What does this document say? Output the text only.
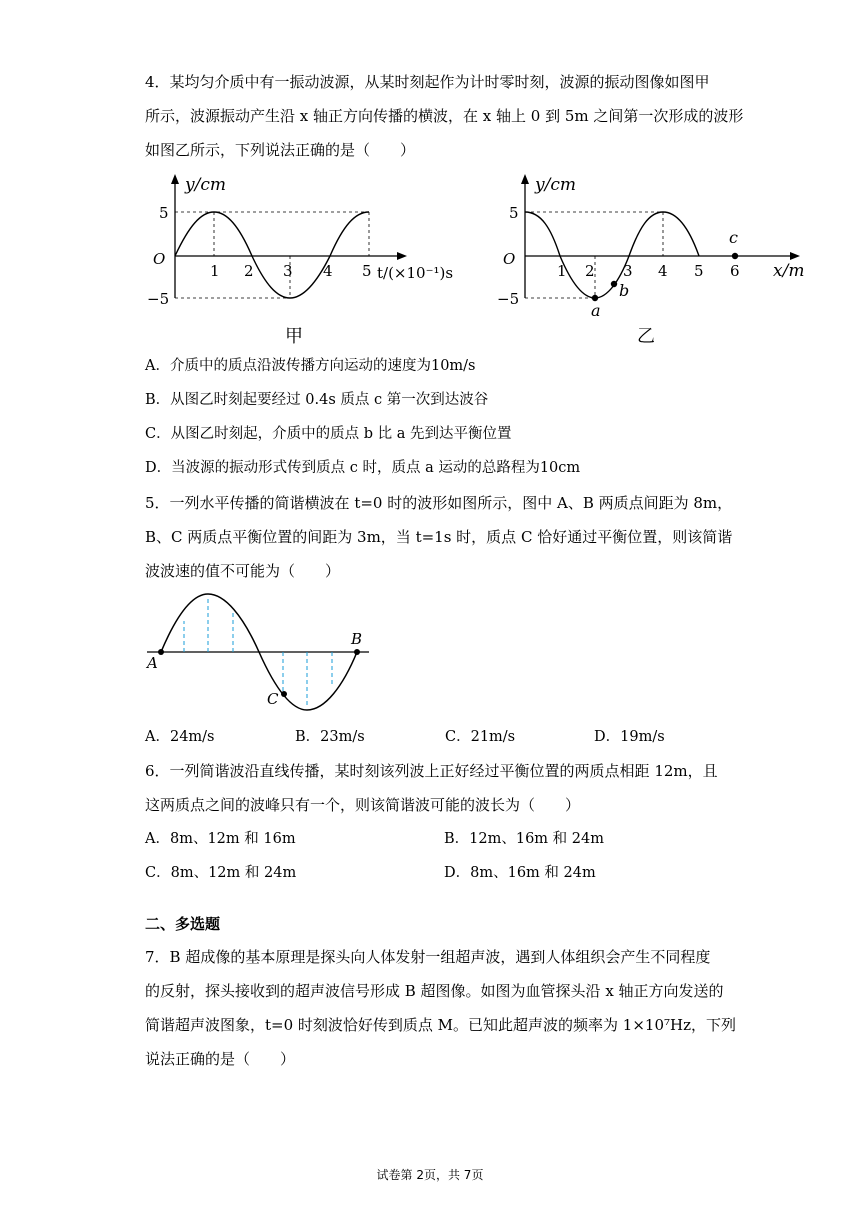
4．某均匀介质中有一振动波源，从某时刻起作为计时零时刻，波源的振动图像如图甲
所示，波源振动产生沿 x 轴正方向传播的横波，在 x 轴上 0 到 5m 之间第一次形成的波形
如图乙所示，下列说法正确的是（　　）
y/cm
O
5
−5
1 2 3 4 5 t/(×10⁻¹)s
甲
y/cm
O
5
−5
1 2 3 4 5 6 x/m
a
b
c
乙
A．介质中的质点沿波传播方向运动的速度为10m/s
B．从图乙时刻起要经过 0.4s 质点 c 第一次到达波谷
C．从图乙时刻起，介质中的质点 b 比 a 先到达平衡位置
D．当波源的振动形式传到质点 c 时，质点 a 运动的总路程为10cm
5．一列水平传播的简谐横波在 t=0 时的波形如图所示，图中 A、B 两质点间距为 8m，
B、C 两质点平衡位置的间距为 3m，当 t=1s 时，质点 C 恰好通过平衡位置，则该简谐
波波速的值不可能为（　　）
A
B
C
A．24m/s	B．23m/s	C．21m/s	D．19m/s
6．一列简谐波沿直线传播，某时刻该列波上正好经过平衡位置的两质点相距 12m，且
这两质点之间的波峰只有一个，则该简谐波可能的波长为（　　）
A．8m、12m 和 16m	B．12m、16m 和 24m
C．8m、12m 和 24m	D．8m、16m 和 24m
二、多选题
7．B 超成像的基本原理是探头向人体发射一组超声波，遇到人体组织会产生不同程度
的反射，探头接收到的超声波信号形成 B 超图像。如图为血管探头沿 x 轴正方向发送的
简谐超声波图象，t=0 时刻波恰好传到质点 M。已知此超声波的频率为 1×10⁷Hz，下列
说法正确的是（　　）
试卷第 2页，共 7页
